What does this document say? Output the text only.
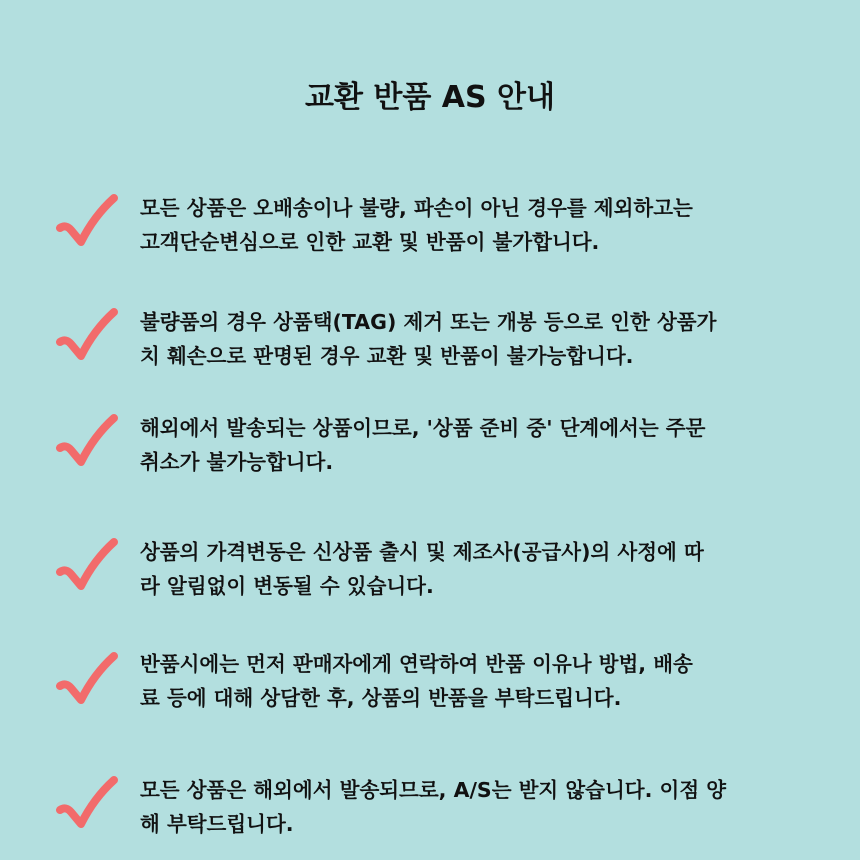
교환 반품 AS 안내
모든 상품은 오배송이나 불량, 파손이 아닌 경우를 제외하고는
고객단순변심으로 인한 교환 및 반품이 불가합니다.
불량품의 경우 상품택(TAG) 제거 또는 개봉 등으로 인한 상품가
치 훼손으로 판명된 경우 교환 및 반품이 불가능합니다.
해외에서 발송되는 상품이므로, '상품 준비 중' 단계에서는 주문
취소가 불가능합니다.
상품의 가격변동은 신상품 출시 및 제조사(공급사)의 사정에 따
라 알림없이 변동될 수 있습니다.
반품시에는 먼저 판매자에게 연락하여 반품 이유나 방법, 배송
료 등에 대해 상담한 후, 상품의 반품을 부탁드립니다.
모든 상품은 해외에서 발송되므로, A/S는 받지 않습니다. 이점 양
해 부탁드립니다.
